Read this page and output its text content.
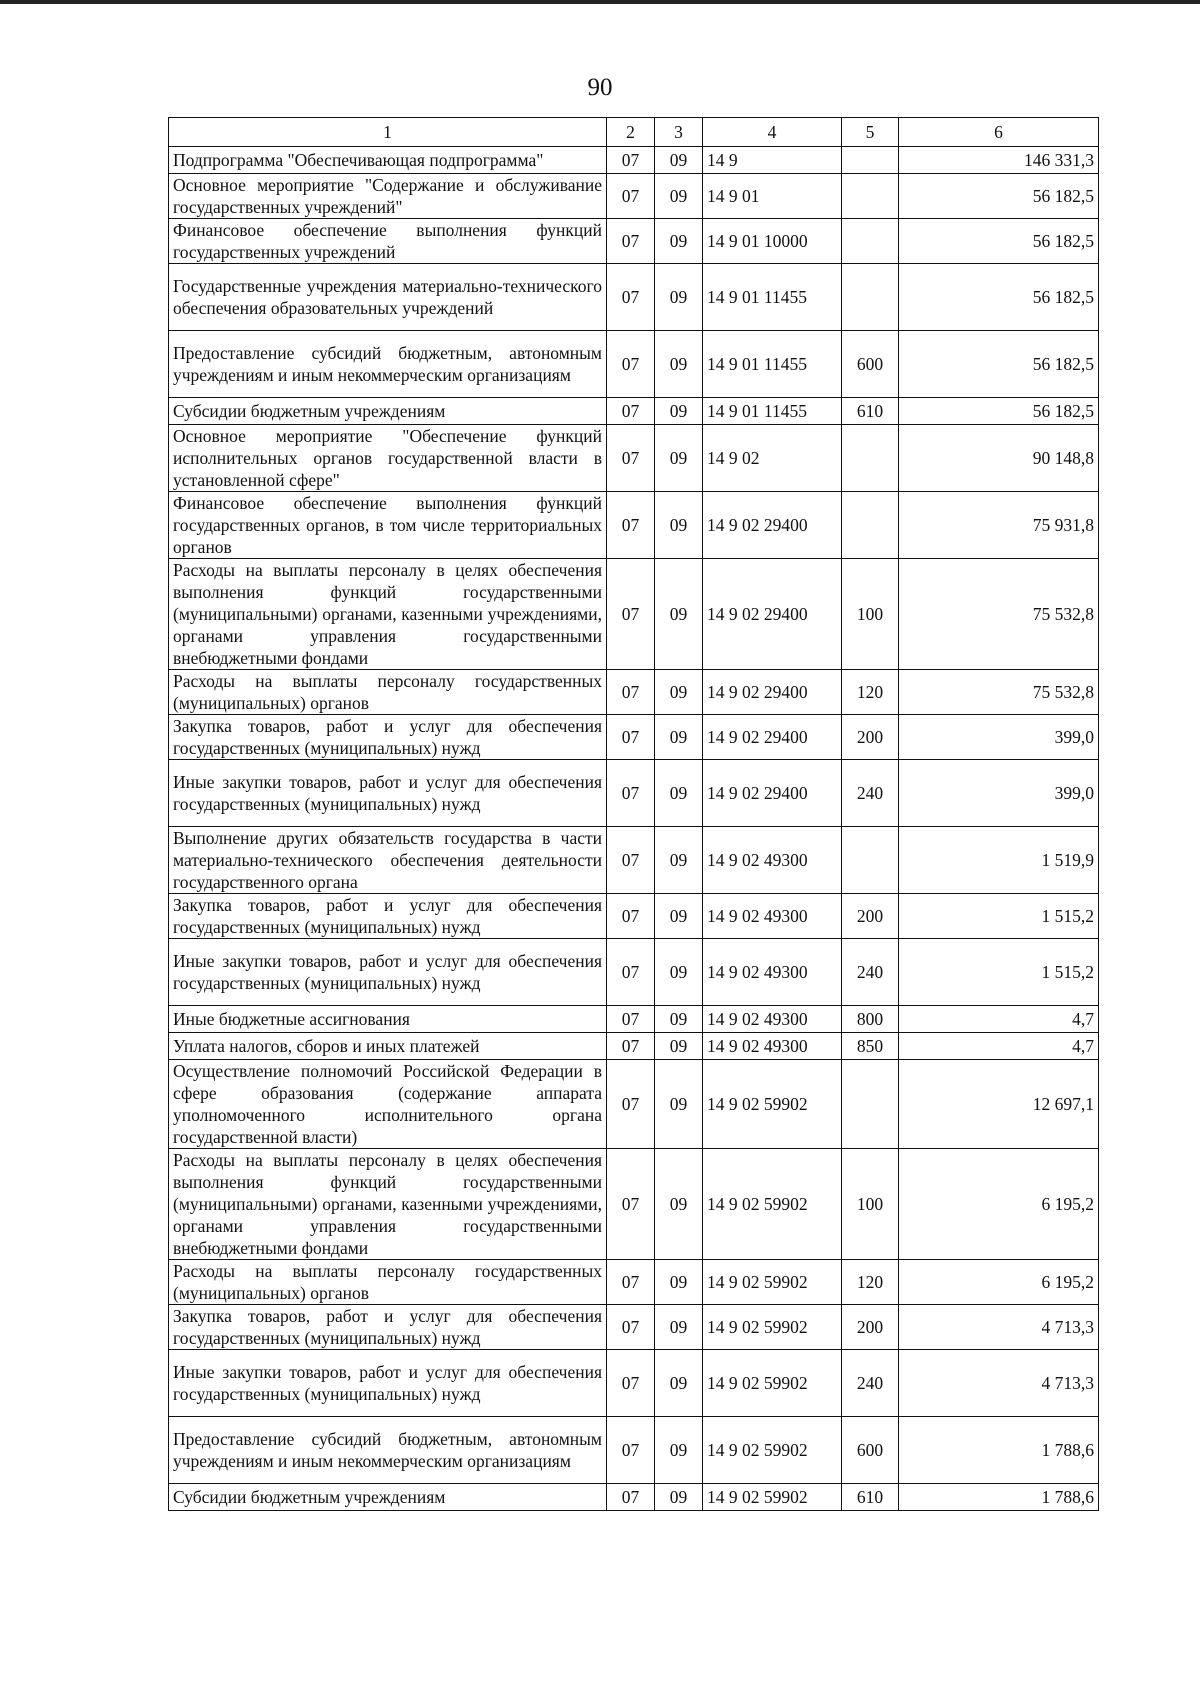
90
1	2	3	4	5	6
Подпрограмма "Обеспечивающая подпрограмма"	07	09	14 9		146 331,3
Основное мероприятие "Содержание и обслуживание государственных учреждений"	07	09	14 9 01		56 182,5
Финансовое обеспечение выполнения функций государственных учреждений	07	09	14 9 01 10000		56 182,5
Государственные учреждения материально-технического обеспечения образовательных учреждений	07	09	14 9 01 11455		56 182,5
Предоставление субсидий бюджетным, автономным учреждениям и иным некоммерческим организациям	07	09	14 9 01 11455	600	56 182,5
Субсидии бюджетным учреждениям	07	09	14 9 01 11455	610	56 182,5
Основное мероприятие "Обеспечение функций исполнительных органов государственной власти в установленной сфере"	07	09	14 9 02		90 148,8
Финансовое обеспечение выполнения функций государственных органов, в том числе территориальных органов	07	09	14 9 02 29400		75 931,8
Расходы на выплаты персоналу в целях обеспечения выполнения функций государственными (муниципальными) органами, казенными учреждениями, органами управления государственными внебюджетными фондами	07	09	14 9 02 29400	100	75 532,8
Расходы на выплаты персоналу государственных (муниципальных) органов	07	09	14 9 02 29400	120	75 532,8
Закупка товаров, работ и услуг для обеспечения государственных (муниципальных) нужд	07	09	14 9 02 29400	200	399,0
Иные закупки товаров, работ и услуг для обеспечения государственных (муниципальных) нужд	07	09	14 9 02 29400	240	399,0
Выполнение других обязательств государства в части материально-технического обеспечения деятельности государственного органа	07	09	14 9 02 49300		1 519,9
Закупка товаров, работ и услуг для обеспечения государственных (муниципальных) нужд	07	09	14 9 02 49300	200	1 515,2
Иные закупки товаров, работ и услуг для обеспечения государственных (муниципальных) нужд	07	09	14 9 02 49300	240	1 515,2
Иные бюджетные ассигнования	07	09	14 9 02 49300	800	4,7
Уплата налогов, сборов и иных платежей	07	09	14 9 02 49300	850	4,7
Осуществление полномочий Российской Федерации в сфере образования (содержание аппарата уполномоченного исполнительного органа государственной власти)	07	09	14 9 02 59902		12 697,1
Расходы на выплаты персоналу в целях обеспечения выполнения функций государственными (муниципальными) органами, казенными учреждениями, органами управления государственными внебюджетными фондами	07	09	14 9 02 59902	100	6 195,2
Расходы на выплаты персоналу государственных (муниципальных) органов	07	09	14 9 02 59902	120	6 195,2
Закупка товаров, работ и услуг для обеспечения государственных (муниципальных) нужд	07	09	14 9 02 59902	200	4 713,3
Иные закупки товаров, работ и услуг для обеспечения государственных (муниципальных) нужд	07	09	14 9 02 59902	240	4 713,3
Предоставление субсидий бюджетным, автономным учреждениям и иным некоммерческим организациям	07	09	14 9 02 59902	600	1 788,6
Субсидии бюджетным учреждениям	07	09	14 9 02 59902	610	1 788,6
